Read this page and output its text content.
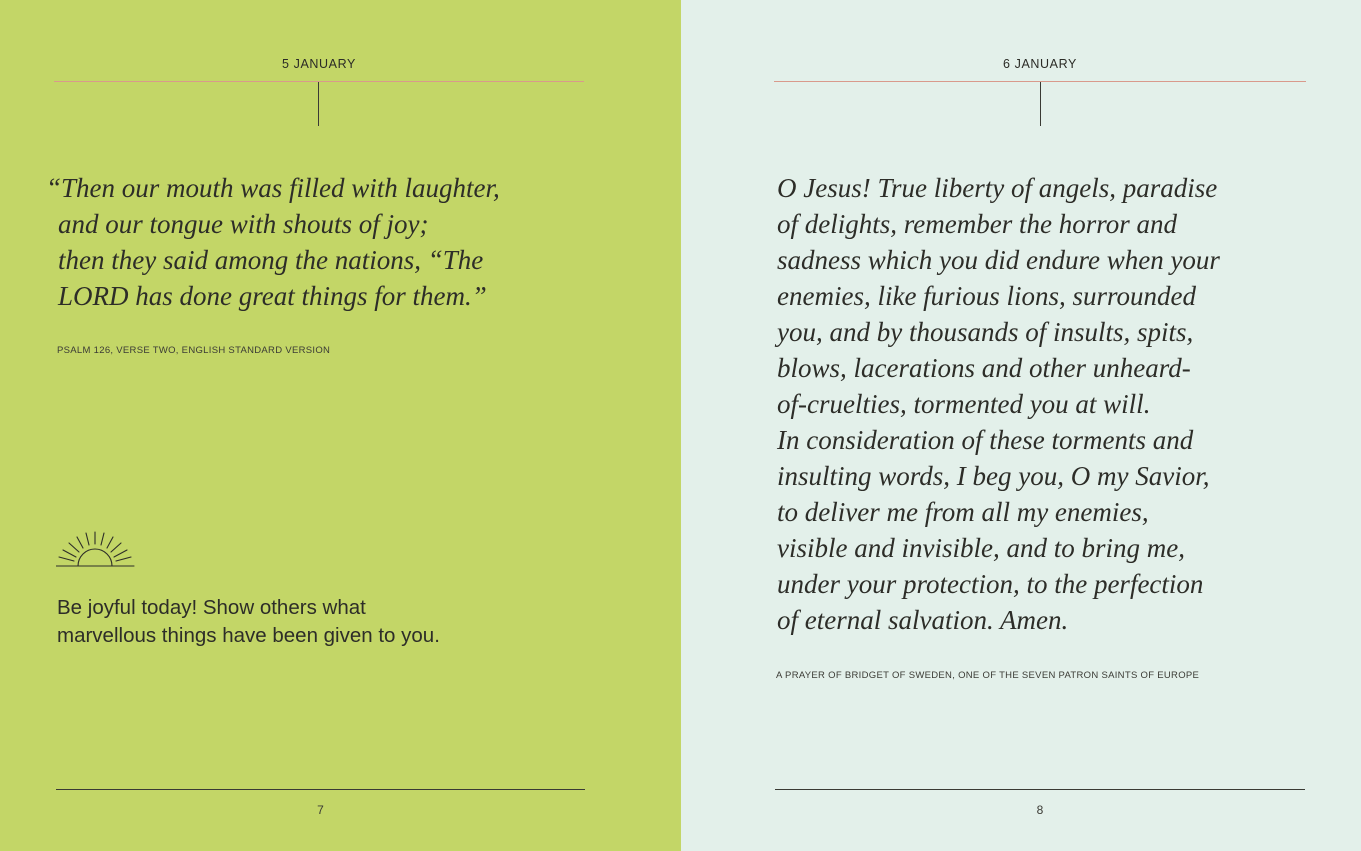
5 JANUARY

“Then our mouth was filled with laughter,
and our tongue with shouts of joy;
then they said among the nations, “The
LORD has done great things for them.”

PSALM 126, VERSE TWO, ENGLISH STANDARD VERSION

Be joyful today! Show others what
marvellous things have been given to you.

7
6 JANUARY

O Jesus! True liberty of angels, paradise
of delights, remember the horror and
sadness which you did endure when your
enemies, like furious lions, surrounded
you, and by thousands of insults, spits,
blows, lacerations and other unheard-
of-cruelties, tormented you at will.
In consideration of these torments and
insulting words, I beg you, O my Savior,
to deliver me from all my enemies,
visible and invisible, and to bring me,
under your protection, to the perfection
of eternal salvation. Amen.

A PRAYER OF BRIDGET OF SWEDEN, ONE OF THE SEVEN PATRON SAINTS OF EUROPE
8
